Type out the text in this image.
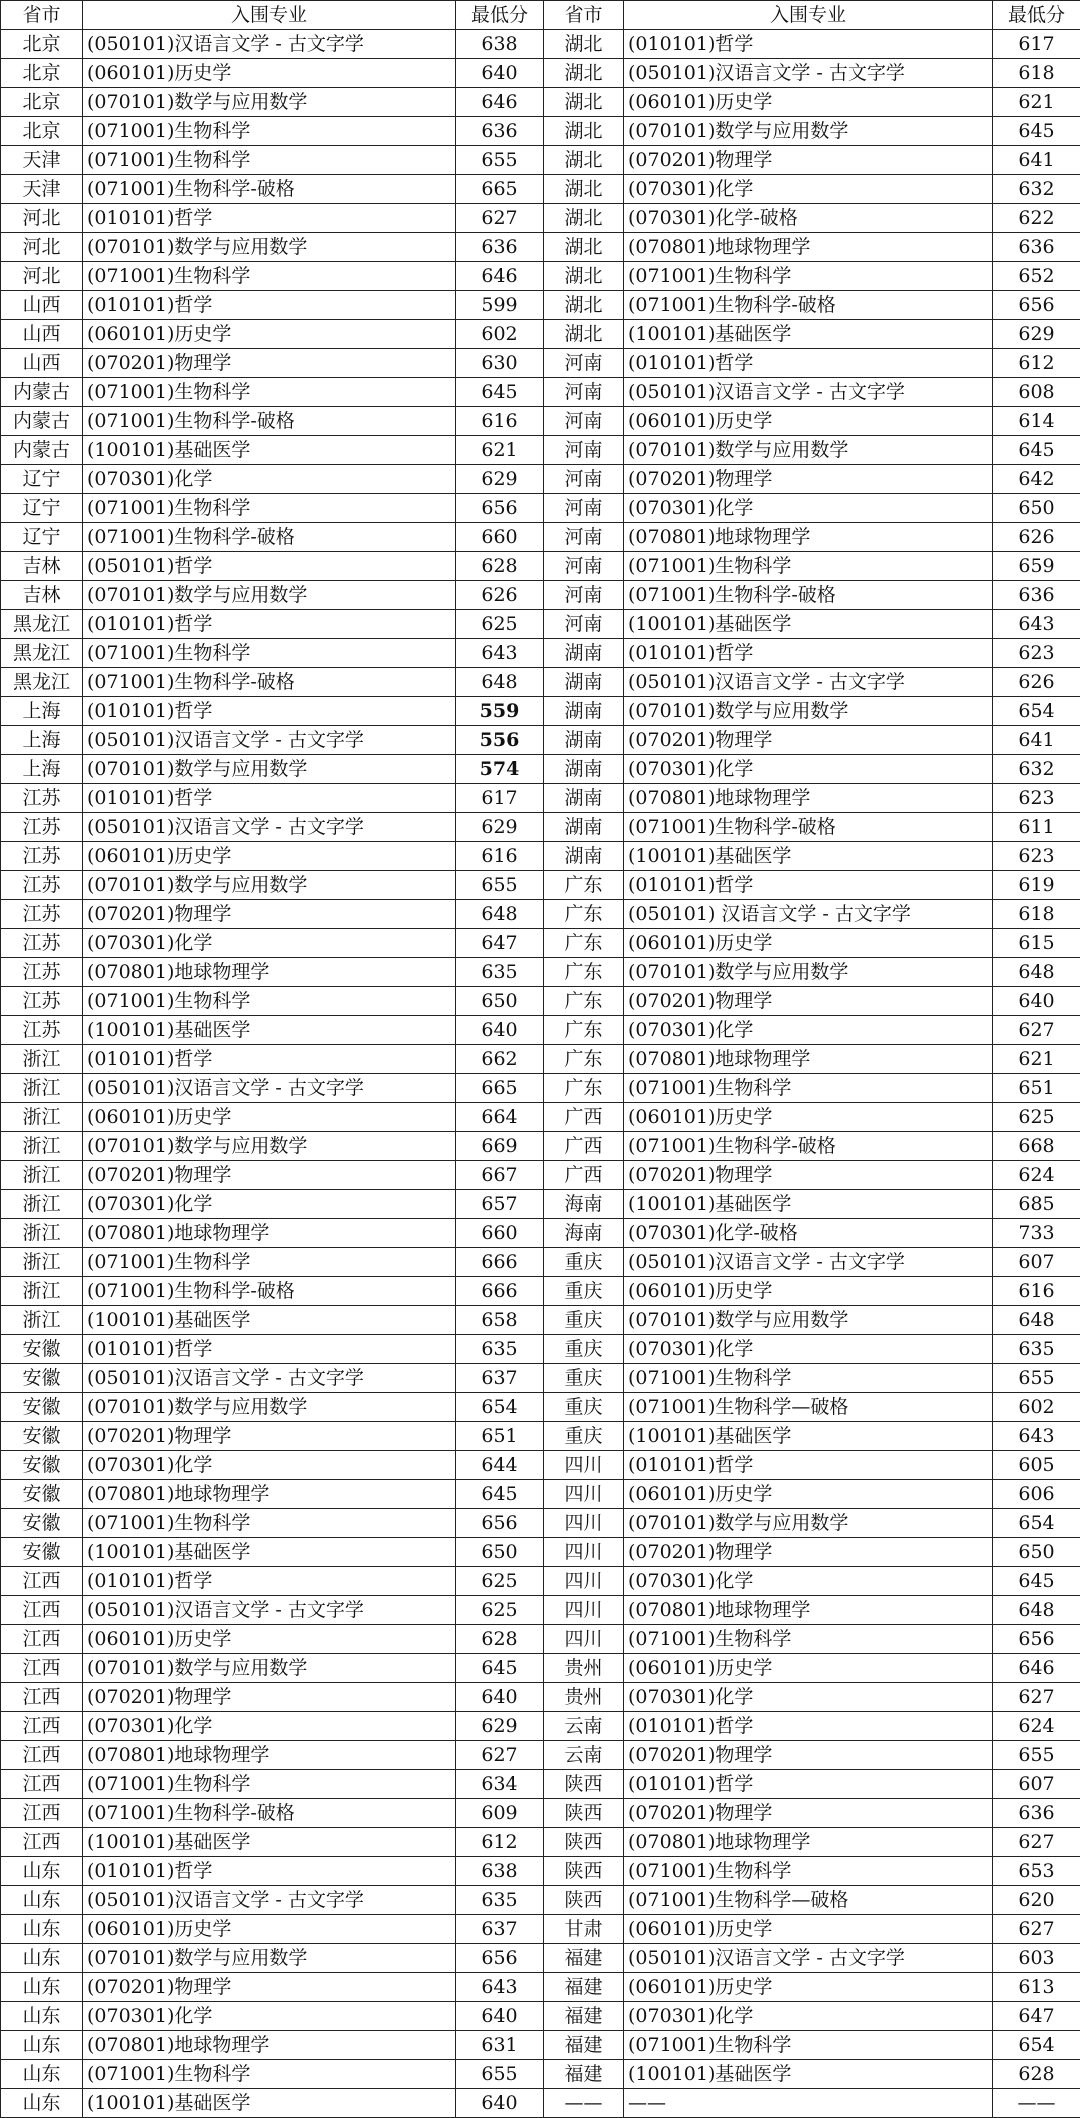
省市	入围专业	最低分	省市	入围专业	最低分
北京	(050101)汉语言文学 - 古文字学	638	湖北	(010101)哲学	617
北京	(060101)历史学	640	湖北	(050101)汉语言文学 - 古文字学	618
北京	(070101)数学与应用数学	646	湖北	(060101)历史学	621
北京	(071001)生物科学	636	湖北	(070101)数学与应用数学	645
天津	(071001)生物科学	655	湖北	(070201)物理学	641
天津	(071001)生物科学-破格	665	湖北	(070301)化学	632
河北	(010101)哲学	627	湖北	(070301)化学-破格	622
河北	(070101)数学与应用数学	636	湖北	(070801)地球物理学	636
河北	(071001)生物科学	646	湖北	(071001)生物科学	652
山西	(010101)哲学	599	湖北	(071001)生物科学-破格	656
山西	(060101)历史学	602	湖北	(100101)基础医学	629
山西	(070201)物理学	630	河南	(010101)哲学	612
内蒙古	(071001)生物科学	645	河南	(050101)汉语言文学 - 古文字学	608
内蒙古	(071001)生物科学-破格	616	河南	(060101)历史学	614
内蒙古	(100101)基础医学	621	河南	(070101)数学与应用数学	645
辽宁	(070301)化学	629	河南	(070201)物理学	642
辽宁	(071001)生物科学	656	河南	(070301)化学	650
辽宁	(071001)生物科学-破格	660	河南	(070801)地球物理学	626
吉林	(050101)哲学	628	河南	(071001)生物科学	659
吉林	(070101)数学与应用数学	626	河南	(071001)生物科学-破格	636
黑龙江	(010101)哲学	625	河南	(100101)基础医学	643
黑龙江	(071001)生物科学	643	湖南	(010101)哲学	623
黑龙江	(071001)生物科学-破格	648	湖南	(050101)汉语言文学 - 古文字学	626
上海	(010101)哲学	559	湖南	(070101)数学与应用数学	654
上海	(050101)汉语言文学 - 古文字学	556	湖南	(070201)物理学	641
上海	(070101)数学与应用数学	574	湖南	(070301)化学	632
江苏	(010101)哲学	617	湖南	(070801)地球物理学	623
江苏	(050101)汉语言文学 - 古文字学	629	湖南	(071001)生物科学-破格	611
江苏	(060101)历史学	616	湖南	(100101)基础医学	623
江苏	(070101)数学与应用数学	655	广东	(010101)哲学	619
江苏	(070201)物理学	648	广东	(050101) 汉语言文学 - 古文字学	618
江苏	(070301)化学	647	广东	(060101)历史学	615
江苏	(070801)地球物理学	635	广东	(070101)数学与应用数学	648
江苏	(071001)生物科学	650	广东	(070201)物理学	640
江苏	(100101)基础医学	640	广东	(070301)化学	627
浙江	(010101)哲学	662	广东	(070801)地球物理学	621
浙江	(050101)汉语言文学 - 古文字学	665	广东	(071001)生物科学	651
浙江	(060101)历史学	664	广西	(060101)历史学	625
浙江	(070101)数学与应用数学	669	广西	(071001)生物科学-破格	668
浙江	(070201)物理学	667	广西	(070201)物理学	624
浙江	(070301)化学	657	海南	(100101)基础医学	685
浙江	(070801)地球物理学	660	海南	(070301)化学-破格	733
浙江	(071001)生物科学	666	重庆	(050101)汉语言文学 - 古文字学	607
浙江	(071001)生物科学-破格	666	重庆	(060101)历史学	616
浙江	(100101)基础医学	658	重庆	(070101)数学与应用数学	648
安徽	(010101)哲学	635	重庆	(070301)化学	635
安徽	(050101)汉语言文学 - 古文字学	637	重庆	(071001)生物科学	655
安徽	(070101)数学与应用数学	654	重庆	(071001)生物科学—破格	602
安徽	(070201)物理学	651	重庆	(100101)基础医学	643
安徽	(070301)化学	644	四川	(010101)哲学	605
安徽	(070801)地球物理学	645	四川	(060101)历史学	606
安徽	(071001)生物科学	656	四川	(070101)数学与应用数学	654
安徽	(100101)基础医学	650	四川	(070201)物理学	650
江西	(010101)哲学	625	四川	(070301)化学	645
江西	(050101)汉语言文学 - 古文字学	625	四川	(070801)地球物理学	648
江西	(060101)历史学	628	四川	(071001)生物科学	656
江西	(070101)数学与应用数学	645	贵州	(060101)历史学	646
江西	(070201)物理学	640	贵州	(070301)化学	627
江西	(070301)化学	629	云南	(010101)哲学	624
江西	(070801)地球物理学	627	云南	(070201)物理学	655
江西	(071001)生物科学	634	陕西	(010101)哲学	607
江西	(071001)生物科学-破格	609	陕西	(070201)物理学	636
江西	(100101)基础医学	612	陕西	(070801)地球物理学	627
山东	(010101)哲学	638	陕西	(071001)生物科学	653
山东	(050101)汉语言文学 - 古文字学	635	陕西	(071001)生物科学—破格	620
山东	(060101)历史学	637	甘肃	(060101)历史学	627
山东	(070101)数学与应用数学	656	福建	(050101)汉语言文学 - 古文字学	603
山东	(070201)物理学	643	福建	(060101)历史学	613
山东	(070301)化学	640	福建	(070301)化学	647
山东	(070801)地球物理学	631	福建	(071001)生物科学	654
山东	(071001)生物科学	655	福建	(100101)基础医学	628
山东	(100101)基础医学	640	——	——	——
